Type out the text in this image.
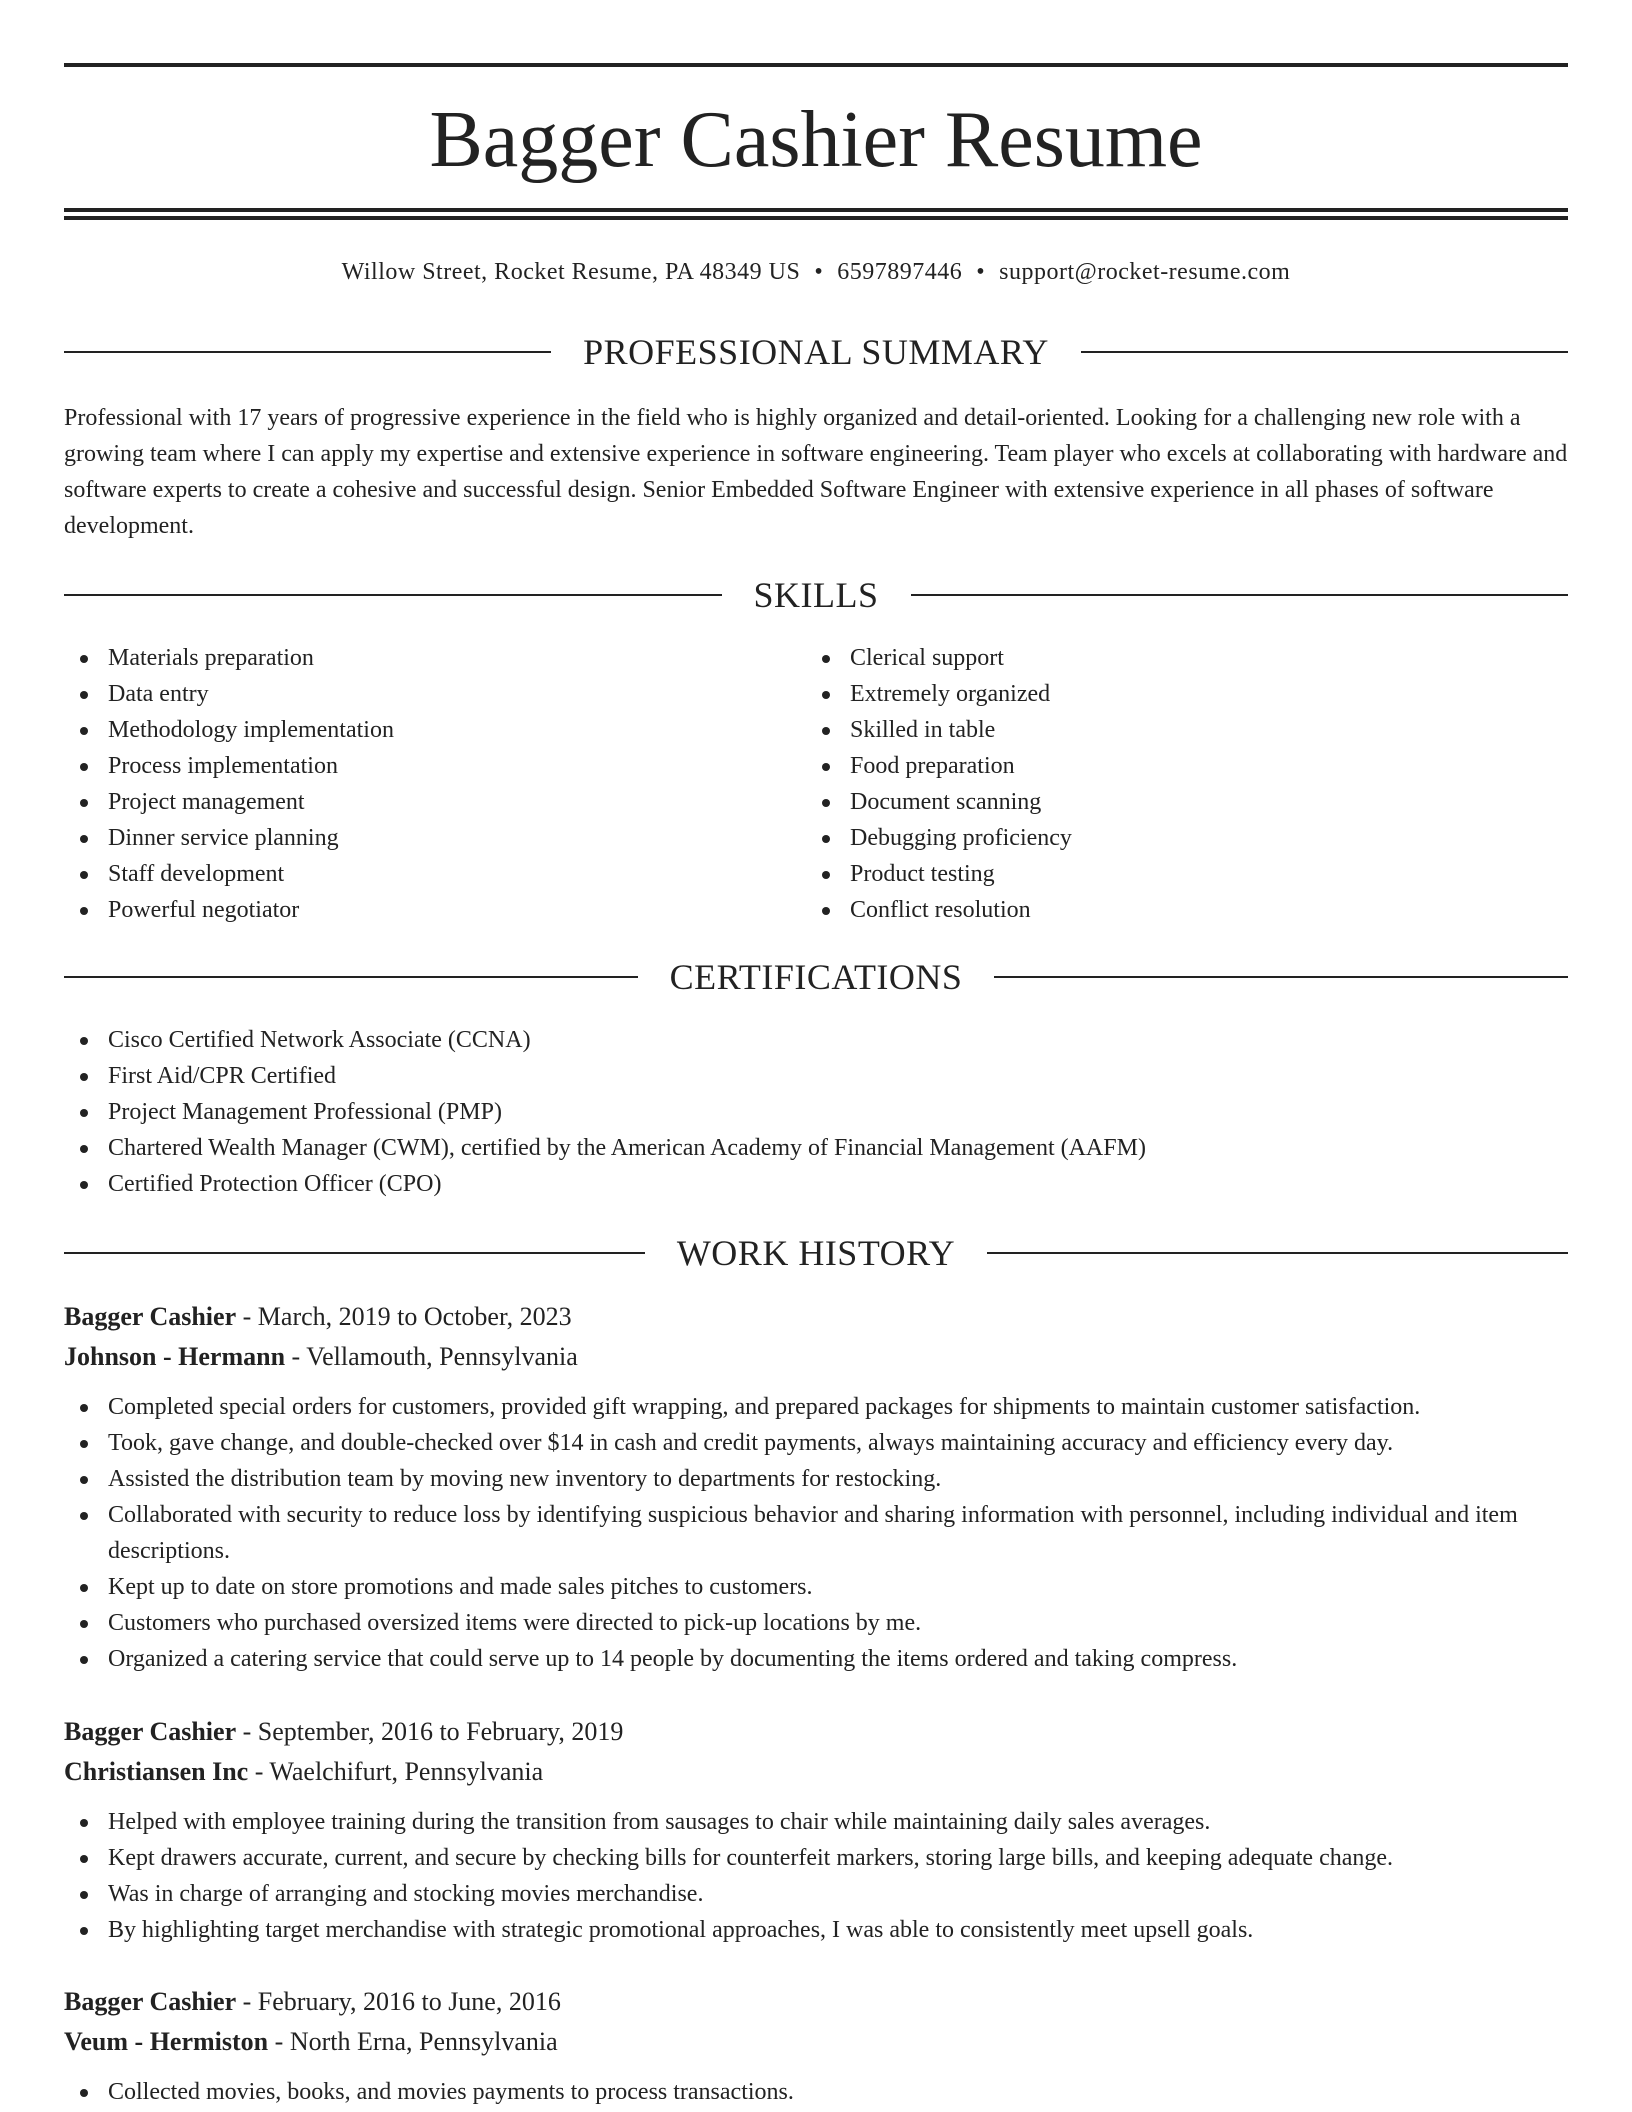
Bagger Cashier Resume
Willow Street, Rocket Resume, PA 48349 US • 6597897446 • support@rocket-resume.com
PROFESSIONAL SUMMARY

Professional with 17 years of progressive experience in the field who is highly organized and detail-oriented. Looking for a challenging new role with a growing team where I can apply my expertise and extensive experience in software engineering. Team player who excels at collaborating with hardware and software experts to create a cohesive and successful design. Senior Embedded Software Engineer with extensive experience in all phases of software development.

SKILLS
Materials preparation
Data entry
Methodology implementation
Process implementation
Project management
Dinner service planning
Staff development
Powerful negotiator
Clerical support
Extremely organized
Skilled in table
Food preparation
Document scanning
Debugging proficiency
Product testing
Conflict resolution
CERTIFICATIONS
Cisco Certified Network Associate (CCNA)
First Aid/CPR Certified
Project Management Professional (PMP)
Chartered Wealth Manager (CWM), certified by the American Academy of Financial Management (AAFM)
Certified Protection Officer (CPO)
WORK HISTORY
Bagger Cashier - March, 2019 to October, 2023
Johnson - Hermann - Vellamouth, Pennsylvania
Completed special orders for customers, provided gift wrapping, and prepared packages for shipments to maintain customer satisfaction.
Took, gave change, and double-checked over $14 in cash and credit payments, always maintaining accuracy and efficiency every day.
Assisted the distribution team by moving new inventory to departments for restocking.
Collaborated with security to reduce loss by identifying suspicious behavior and sharing information with personnel, including individual and item descriptions.
Kept up to date on store promotions and made sales pitches to customers.
Customers who purchased oversized items were directed to pick-up locations by me.
Organized a catering service that could serve up to 14 people by documenting the items ordered and taking compress.
Bagger Cashier - September, 2016 to February, 2019
Christiansen Inc - Waelchifurt, Pennsylvania
Helped with employee training during the transition from sausages to chair while maintaining daily sales averages.
Kept drawers accurate, current, and secure by checking bills for counterfeit markers, storing large bills, and keeping adequate change.
Was in charge of arranging and stocking movies merchandise.
By highlighting target merchandise with strategic promotional approaches, I was able to consistently meet upsell goals.
Bagger Cashier - February, 2016 to June, 2016
Veum - Hermiston - North Erna, Pennsylvania
Collected movies, books, and movies payments to process transactions.
